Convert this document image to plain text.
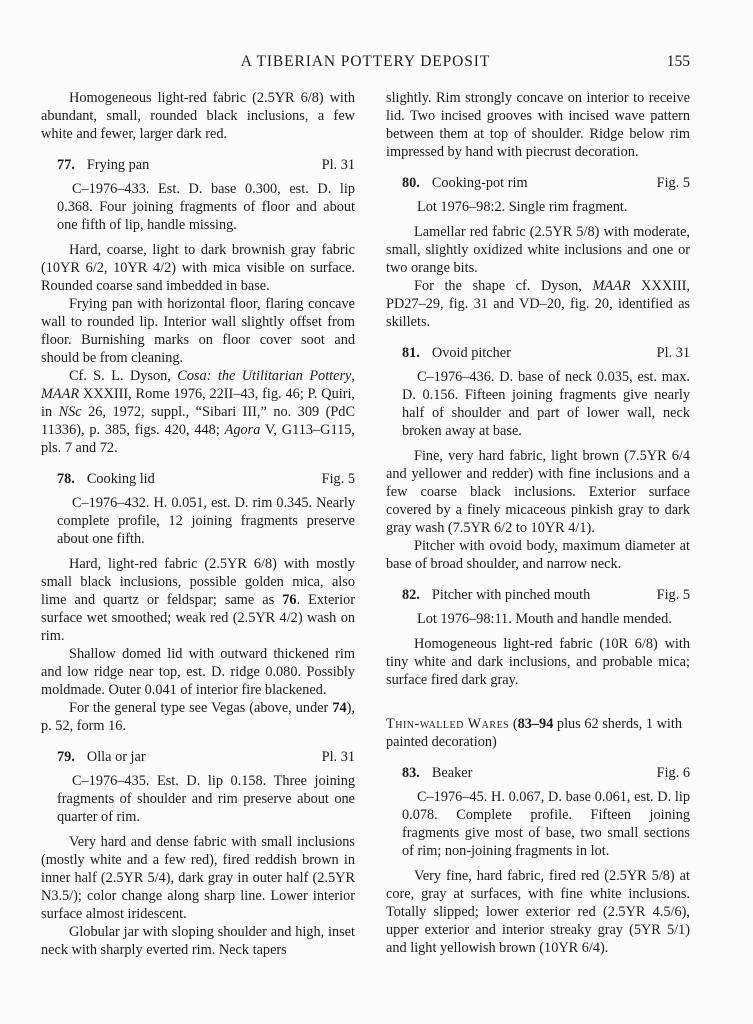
A TIBERIAN POTTERY DEPOSIT	155
Homogeneous light-red fabric (2.5YR 6/8) with abundant, small, rounded black inclusions, a few white and fewer, larger dark red.
77. Frying pan	Pl. 31
C–1976–433. Est. D. base 0.300, est. D. lip 0.368. Four joining fragments of floor and about one fifth of lip, handle missing.
Hard, coarse, light to dark brownish gray fabric (10YR 6/2, 10YR 4/2) with mica visible on surface. Rounded coarse sand imbedded in base.
Frying pan with horizontal floor, flaring concave wall to rounded lip. Interior wall slightly offset from floor. Burnishing marks on floor cover soot and should be from cleaning.
Cf. S. L. Dyson, Cosa: the Utilitarian Pottery, MAAR XXXIII, Rome 1976, 22II–43, fig. 46; P. Quiri, in NSc 26, 1972, suppl., “Sibari III,” no. 309 (PdC 11336), p. 385, figs. 420, 448; Agora V, G113–G115, pls. 7 and 72.
78. Cooking lid	Fig. 5
C–1976–432. H. 0.051, est. D. rim 0.345. Nearly complete profile, 12 joining fragments preserve about one fifth.
Hard, light-red fabric (2.5YR 6/8) with mostly small black inclusions, possible golden mica, also lime and quartz or feldspar; same as 76. Exterior surface wet smoothed; weak red (2.5YR 4/2) wash on rim.
Shallow domed lid with outward thickened rim and low ridge near top, est. D. ridge 0.080. Possibly moldmade. Outer 0.041 of interior fire blackened.
For the general type see Vegas (above, under 74), p. 52, form 16.
79. Olla or jar	Pl. 31
C–1976–435. Est. D. lip 0.158. Three joining fragments of shoulder and rim preserve about one quarter of rim.
Very hard and dense fabric with small inclusions (mostly white and a few red), fired reddish brown in inner half (2.5YR 5/4), dark gray in outer half (2.5YR N3.5/); color change along sharp line. Lower interior surface almost iridescent.
Globular jar with sloping shoulder and high, inset neck with sharply everted rim. Neck tapers
slightly. Rim strongly concave on interior to receive lid. Two incised grooves with incised wave pattern between them at top of shoulder. Ridge below rim impressed by hand with piecrust decoration.
80. Cooking-pot rim	Fig. 5
Lot 1976–98:2. Single rim fragment.
Lamellar red fabric (2.5YR 5/8) with moderate, small, slightly oxidized white inclusions and one or two orange bits.
For the shape cf. Dyson, MAAR XXXIII, PD27–29, fig. 31 and VD–20, fig. 20, identified as skillets.
81. Ovoid pitcher	Pl. 31
C–1976–436. D. base of neck 0.035, est. max. D. 0.156. Fifteen joining fragments give nearly half of shoulder and part of lower wall, neck broken away at base.
Fine, very hard fabric, light brown (7.5YR 6/4 and yellower and redder) with fine inclusions and a few coarse black inclusions. Exterior surface covered by a finely micaceous pinkish gray to dark gray wash (7.5YR 6/2 to 10YR 4/1).
Pitcher with ovoid body, maximum diameter at base of broad shoulder, and narrow neck.
82. Pitcher with pinched mouth	Fig. 5
Lot 1976–98:11. Mouth and handle mended.
Homogeneous light-red fabric (10R 6/8) with tiny white and dark inclusions, and probable mica; surface fired dark gray.
Thin-walled Wares (83–94 plus 62 sherds, 1 with painted decoration)
83. Beaker	Fig. 6
C–1976–45. H. 0.067, D. base 0.061, est. D. lip 0.078. Complete profile. Fifteen joining fragments give most of base, two small sections of rim; non-joining fragments in lot.
Very fine, hard fabric, fired red (2.5YR 5/8) at core, gray at surfaces, with fine white inclusions. Totally slipped; lower exterior red (2.5YR 4.5/6), upper exterior and interior streaky gray (5YR 5/1) and light yellowish brown (10YR 6/4).
